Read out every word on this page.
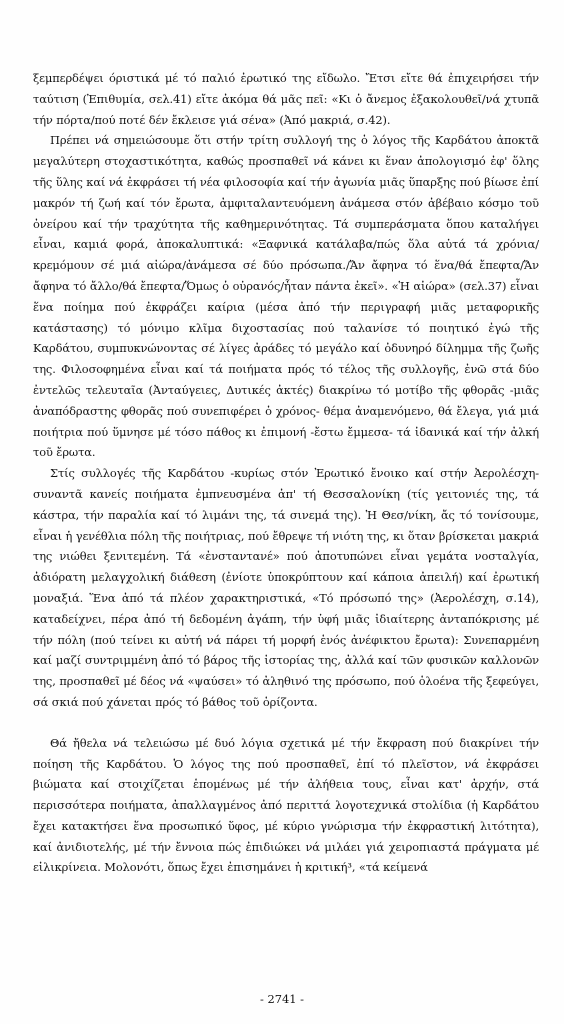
ξεμπερδέψει όριστικά μέ τό παλιό ἐρωτικό της εἴδωλο. Ἔτσι εἴτε θά ἐπιχειρήσει τήν ταύτιση (Ἐπιθυμία, σελ.41) εἴτε ἀκόμα θά μᾶς πεῖ: «Κι ὁ ἄνεμος ἐξακολουθεῖ/νά χτυπᾶ τήν πόρτα/πού ποτέ δέν ἔκλεισε γιά σένα» (Ἀπό μακριά, σ.42).

Πρέπει νά σημειώσουμε ὅτι στήν τρίτη συλλογή της ὁ λόγος τῆς Καρδάτου ἀποκτᾶ μεγαλύτερη στοχαστικότητα, καθώς προσπαθεῖ νά κάνει κι ἕναν ἀπολογισμό ἐφ' ὅλης τῆς ὕλης καί νά ἐκφράσει τή νέα φιλοσοφία καί τήν ἀγωνία μιᾶς ὕπαρξης πού βίωσε ἐπί μακρόν τή ζωή καί τόν ἔρωτα, ἀμφιταλαντευόμενη ἀνάμεσα στόν ἀβέβαιο κόσμο τοῦ ὀνείρου καί τήν τραχύτητα τῆς καθημερινότητας. Τά συμπεράσματα ὅπου καταλήγει εἶναι, καμιά φορά, ἀποκαλυπτικά: «Ξαφνικά κατάλαβα/πώς ὅλα αὐτά τά χρόνια/κρεμόμουν σέ μιά αἰώρα/ἀνάμεσα σέ δύο πρόσωπα./Ἄν ἄφηνα τό ἕνα/θά ἔπεφτα/Ἄν ἄφηνα τό ἄλλο/θά ἔπεφτα/Ὅμως ὁ οὐρανός/ἦταν πάντα ἐκεῖ». «Ἡ αἰώρα» (σελ.37) εἶναι ἕνα ποίημα πού ἐκφράζει καίρια (μέσα ἀπό τήν περιγραφή μιᾶς μεταφορικῆς κατάστασης) τό μόνιμο κλῖμα διχοστασίας πού ταλανίσε τό ποιητικό ἐγώ τῆς Καρδάτου, συμπυκνώνοντας σέ λίγες ἀράδες τό μεγάλο καί ὀδυνηρό δίλημμα τῆς ζωῆς της. Φιλοσοφημένα εἶναι καί τά ποιήματα πρός τό τέλος τῆς συλλογῆς, ἐνῶ στά δύο ἐντελῶς τελευταῖα (Ἀνταύγειες, Δυτικές ἀκτές) διακρίνω τό μοτίβο τῆς φθορᾶς -μιᾶς ἀναπόδραστης φθορᾶς πού συνεπιφέρει ὁ χρόνος- θέμα ἀναμενόμενο, θά ἔλεγα, γιά μιά ποιήτρια πού ὕμνησε μέ τόσο πάθος κι ἐπιμονή -ἔστω ἔμμεσα- τά ἰδανικά καί τήν ἀλκή τοῦ ἔρωτα.

Στίς συλλογές τῆς Καρδάτου -κυρίως στόν Ἐρωτικό ἔνοικο καί στήν Ἀερολέσχη- συναντᾶ κανείς ποιήματα ἐμπνευσμένα ἀπ' τή Θεσσαλονίκη (τίς γειτονιές της, τά κάστρα, τήν παραλία καί τό λιμάνι της, τά σινεμά της). Ἡ Θεσ/νίκη, ἄς τό τονίσουμε, εἶναι ἡ γενέθλια πόλη τῆς ποιήτριας, πού ἔθρεψε τή νιότη της, κι ὅταν βρίσκεται μακριά της νιώθει ξενιτεμένη. Τά «ἐνσταντανέ» πού ἀποτυπώνει εἶναι γεμάτα νοσταλγία, ἀδιόρατη μελαγχολική διάθεση (ἐνίοτε ὑποκρύπτουν καί κάποια ἀπειλή) καί ἐρωτική μοναξιά. Ἕνα ἀπό τά πλέον χαρακτηριστικά, «Τό πρόσωπό της» (Ἀερολέσχη, σ.14), καταδείχνει, πέρα ἀπό τή δεδομένη ἀγάπη, τήν ὑφή μιᾶς ἰδιαίτερης ἀνταπόκρισης μέ τήν πόλη (πού τείνει κι αὐτή νά πάρει τή μορφή ἑνός ἀνέφικτου ἔρωτα): Συνεπαρμένη καί μαζί συντριμμένη ἀπό τό βάρος τῆς ἱστορίας της, ἀλλά καί τῶν φυσικῶν καλλονῶν της, προσπαθεῖ μέ δέος νά «ψαύσει» τό ἀληθινό της πρόσωπο, πού ὁλοένα τῆς ξεφεύγει, σά σκιά πού χάνεται πρός τό βάθος τοῦ ὁρίζοντα.

Θά ἤθελα νά τελειώσω μέ δυό λόγια σχετικά μέ τήν ἔκφραση πού διακρίνει τήν ποίηση τῆς Καρδάτου. Ὁ λόγος της πού προσπαθεῖ, ἐπί τό πλεῖστον, νά ἐκφράσει βιώματα καί στοιχίζεται ἑπομένως μέ τήν ἀλήθεια τους, εἶναι κατ' ἀρχήν, στά περισσότερα ποιήματα, ἀπαλλαγμένος ἀπό περιττά λογοτεχνικά στολίδια (ἡ Καρδάτου ἔχει κατακτήσει ἕνα προσωπικό ὕφος, μέ κύριο γνώρισμα τήν ἐκφραστική λιτότητα), καί ἀνιδιοτελής, μέ τήν ἔννοια πώς ἐπιδιώκει νά μιλάει γιά χειροπιαστά πράγματα μέ εἰλικρίνεια. Μολονότι, ὅπως ἔχει ἐπισημάνει ἡ κριτική³, «τά κείμενά

- 2741 -
